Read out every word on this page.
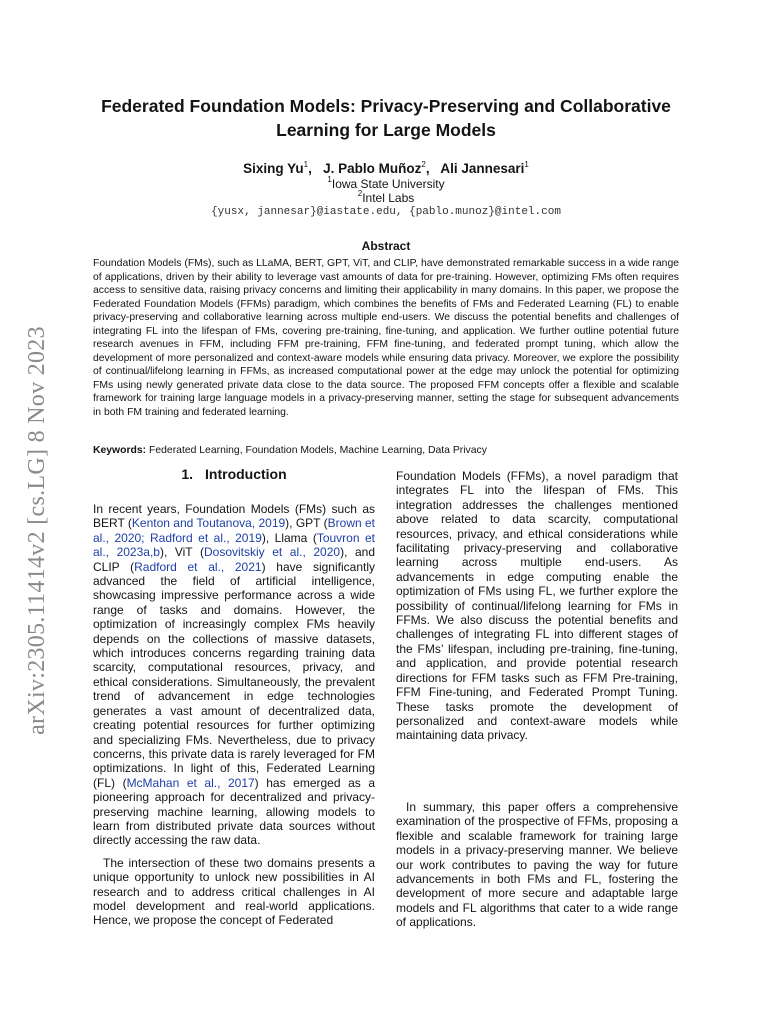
arXiv:2305.11414v2 [cs.LG] 8 Nov 2023
Federated Foundation Models: Privacy-Preserving and Collaborative Learning for Large Models
Sixing Yu$^1$,   J. Pablo Muñoz$^2$,   Ali Jannesari$^1$
$^1$Iowa State University
$^2$Intel Labs
{yusx, jannesar}@iastate.edu, {pablo.munoz}@intel.com
Abstract

Foundation Models (FMs), such as LLaMA, BERT, GPT, ViT, and CLIP, have demonstrated remarkable success in a wide range of applications, driven by their ability to leverage vast amounts of data for pre-training. However, optimizing FMs often requires access to sensitive data, raising privacy concerns and limiting their applicability in many domains. In this paper, we propose the Federated Foundation Models (FFMs) paradigm, which combines the benefits of FMs and Federated Learning (FL) to enable privacy-preserving and collaborative learning across multiple end-users. We discuss the potential benefits and challenges of integrating FL into the lifespan of FMs, covering pre-training, fine-tuning, and application. We further outline potential future research avenues in FFM, including FFM pre-training, FFM fine-tuning, and federated prompt tuning, which allow the development of more personalized and context-aware models while ensuring data privacy. Moreover, we explore the possibility of continual/lifelong learning in FFMs, as increased computational power at the edge may unlock the potential for optimizing FMs using newly generated private data close to the data source. The proposed FFM concepts offer a flexible and scalable framework for training large language models in a privacy-preserving manner, setting the stage for subsequent advancements in both FM training and federated learning.

Keywords: Federated Learning, Foundation Models, Machine Learning, Data Privacy

1. Introduction

In recent years, Foundation Models (FMs) such as BERT (Kenton and Toutanova, 2019), GPT (Brown et al., 2020; Radford et al., 2019), Llama (Touvron et al., 2023a,b), ViT (Dosovitskiy et al., 2020), and CLIP (Radford et al., 2021) have significantly advanced the field of artificial intelligence, showcasing impressive performance across a wide range of tasks and domains. However, the optimization of increasingly complex FMs heavily depends on the collections of massive datasets, which introduces concerns regarding training data scarcity, computational resources, privacy, and ethical considerations. Simultaneously, the prevalent trend of advancement in edge technologies generates a vast amount of decentralized data, creating potential resources for further optimizing and specializing FMs. Nevertheless, due to privacy concerns, this private data is rarely leveraged for FM optimizations. In light of this, Federated Learning (FL) (McMahan et al., 2017) has emerged as a pioneering approach for decentralized and privacy-preserving machine learning, allowing models to learn from distributed private data sources without directly accessing the raw data.

The intersection of these two domains presents a unique opportunity to unlock new possibilities in AI research and to address critical challenges in AI model development and real-world applications. Hence, we propose the concept of Federated

Foundation Models (FFMs), a novel paradigm that integrates FL into the lifespan of FMs. This integration addresses the challenges mentioned above related to data scarcity, computational resources, privacy, and ethical considerations while facilitating privacy-preserving and collaborative learning across multiple end-users. As advancements in edge computing enable the optimization of FMs using FL, we further explore the possibility of continual/lifelong learning for FMs in FFMs. We also discuss the potential benefits and challenges of integrating FL into different stages of the FMs’ lifespan, including pre-training, fine-tuning, and application, and provide potential research directions for FFM tasks such as FFM Pre-training, FFM Fine-tuning, and Federated Prompt Tuning. These tasks promote the development of personalized and context-aware models while maintaining data privacy.

In summary, this paper offers a comprehensive examination of the prospective of FFMs, proposing a flexible and scalable framework for training large models in a privacy-preserving manner. We believe our work contributes to paving the way for future advancements in both FMs and FL, fostering the development of more secure and adaptable large models and FL algorithms that cater to a wide range of applications.
